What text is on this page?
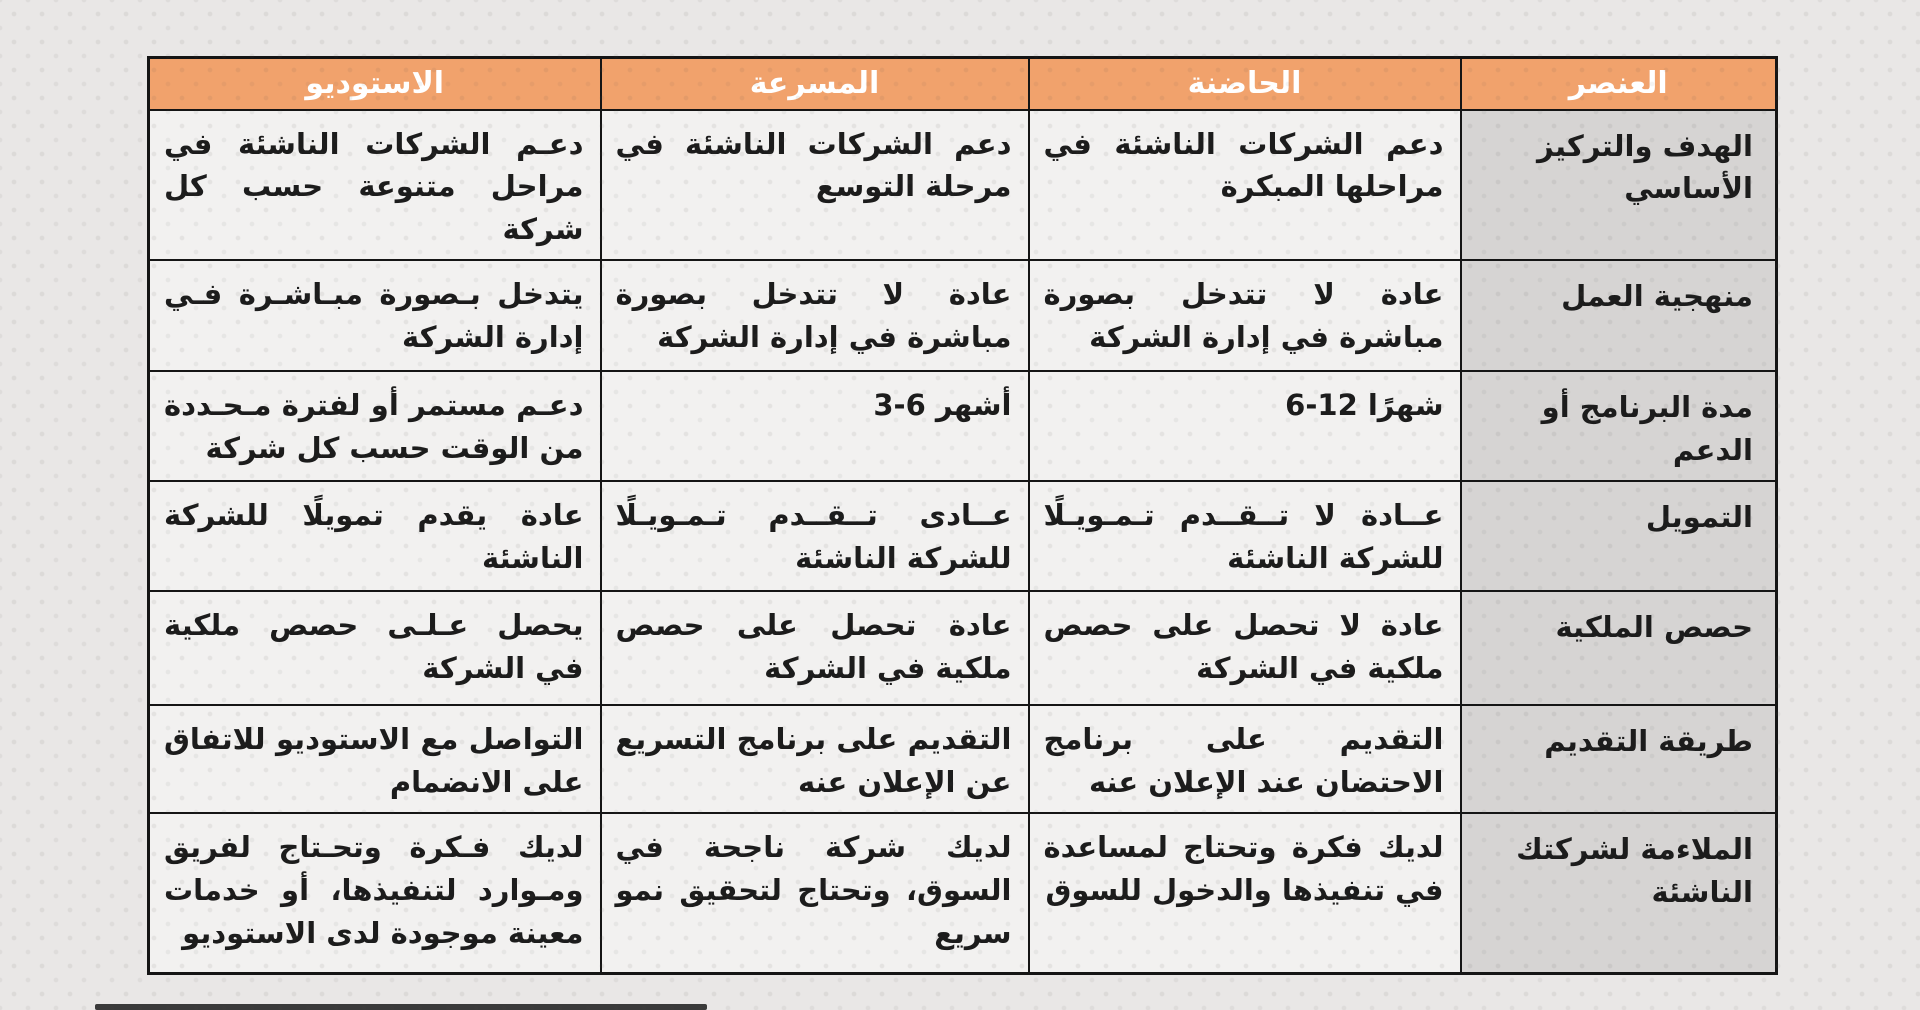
العنصر	الحاضنة	المسرعة	الاستوديو
الهدف والتركيز الأساسي	دعم الشركات الناشئة في مراحلها المبكرة	دعم الشركات الناشئة في مرحلة التوسع	دعـم الشركات الناشئة في مراحل متنوعة حسب كل شركة
منهجية العمل	عادة لا تتدخل بصورة مباشرة في إدارة الشركة	عادة لا تتدخل بصورة مباشرة في إدارة الشركة	يتدخل بـصورة مبـاشـرة فـي إدارة الشركة
مدة البرنامج أو الدعم	شهرًا 12-6	أشهر 6-3	دعـم مستمر أو لفترة مـحـددة من الوقت حسب كل شركة
التمويل	عــادة لا تــقــدم تـمـويـلًا للشركة الناشئة	عــادى تــقــدم تـمـويـلًا للشركة الناشئة	عادة يقدم تمويلًا للشركة الناشئة
حصص الملكية	عادة لا تحصل على حصص ملكية في الشركة	عادة تحصل على حصص ملكية في الشركة	يحصل عـلـى حصص ملكية في الشركة
طريقة التقديم	التقديم على برنامج الاحتضان عند الإعلان عنه	التقديم على برنامج التسريع عن الإعلان عنه	التواصل مع الاستوديو للاتفاق على الانضمام
الملاءمة لشركتك الناشئة	لديك فكرة وتحتاج لمساعدة في تنفيذها والدخول للسوق	لديك شركة ناجحة في السوق، وتحتاج لتحقيق نمو سريع	لديك فـكرة وتحـتاج لفريق ومـوارد لتنفيذها، أو خدمات معينة موجودة لدى الاستوديو
